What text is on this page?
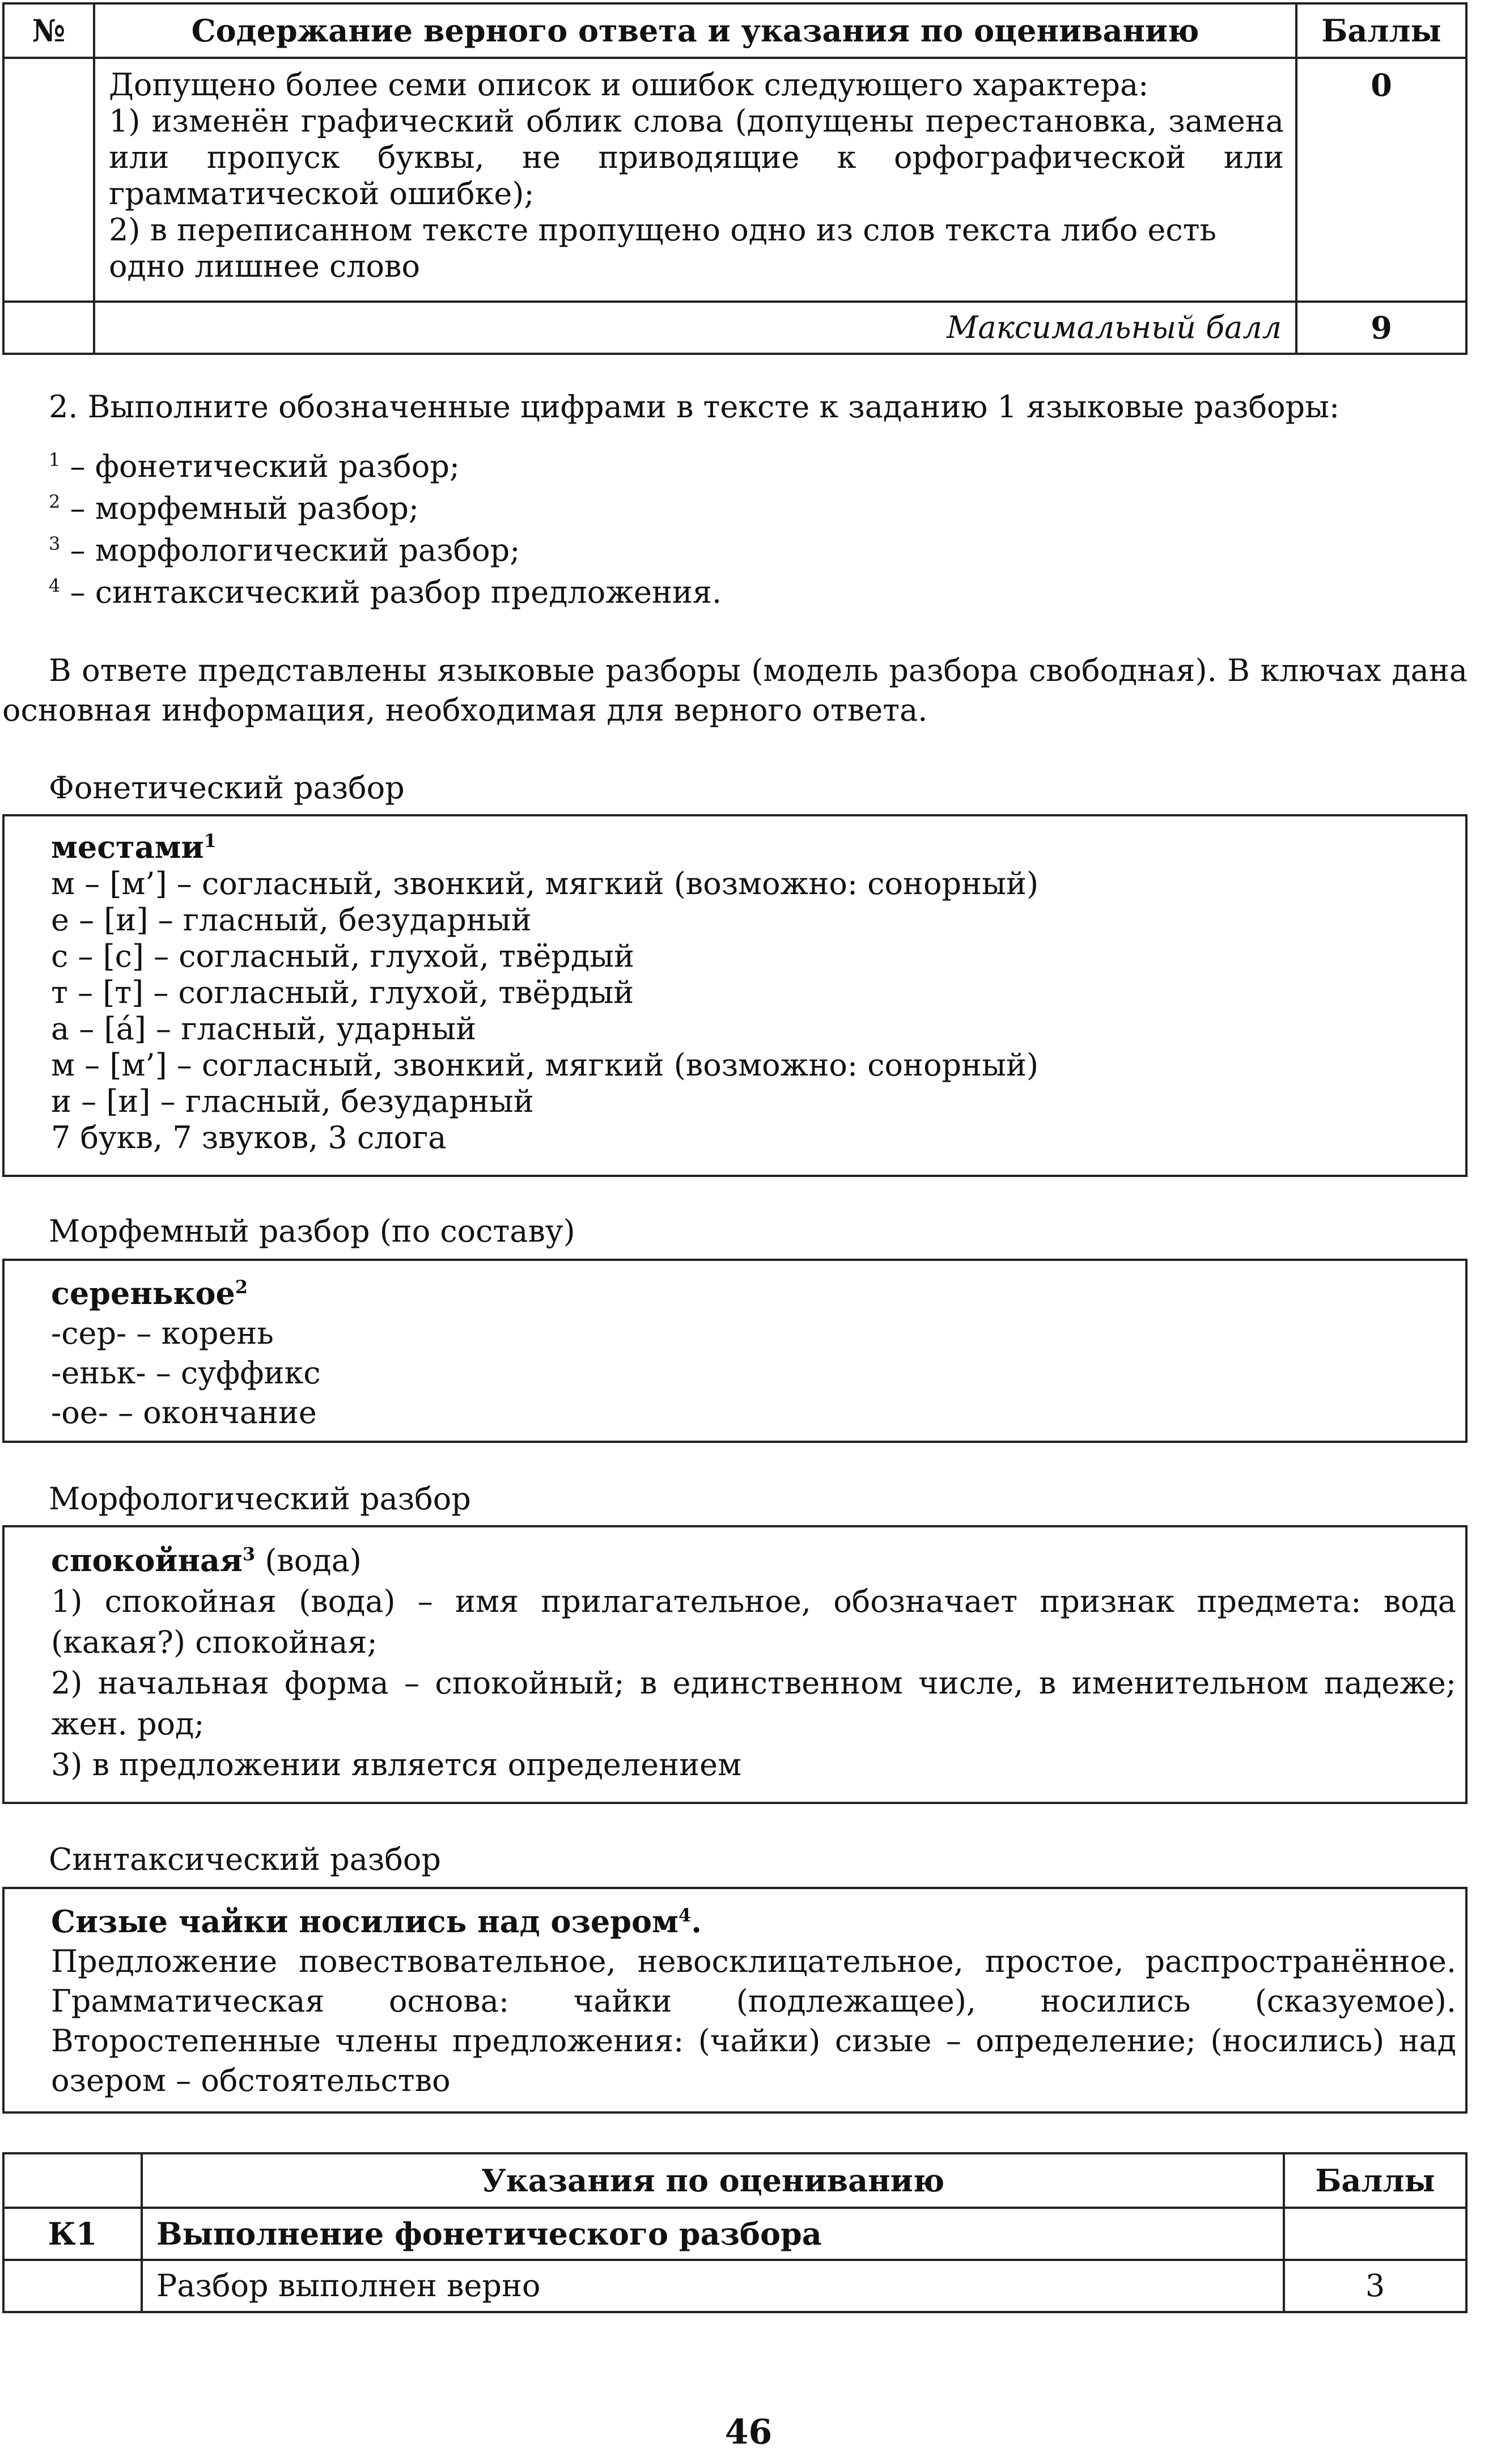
№	Содержание верного ответа и указания по оцениванию	Баллы

	Допущено более семи описок и ошибок следующего характера:
1) изменён графический облик слова (допущены перестановка, замена или пропуск буквы, не приводящие к орфографической или грамматической ошибке);
2) в переписанном тексте пропущено одно из слов текста либо есть одно лишнее слово	0

	Максимальный балл	9
2. Выполните обозначенные цифрами в тексте к заданию 1 языковые разборы:

$^1$ – фонетический разбор;

$^2$ – морфемный разбор;

$^3$ – морфологический разбор;

$^4$ – синтаксический разбор предложения.

В ответе представлены языковые разборы (модель разбора свободная). В ключах дана основная информация, необходимая для верного ответа.
Фонетический разбор
местами$^1$
м – [м’] – согласный, звонкий, мягкий (возможно: сонорный)
е – [и] – гласный, безударный
с – [с] – согласный, глухой, твёрдый
т – [т] – согласный, глухой, твёрдый
а – [а́] – гласный, ударный
м – [м’] – согласный, звонкий, мягкий (возможно: сонорный)
и – [и] – гласный, безударный
7 букв, 7 звуков, 3 слога
Морфемный разбор (по составу)
серенькое$^2$
-сер- – корень
-еньк- – суффикс
-ое- – окончание
Морфологический разбор
спокойная$^3$ (вода)
1) спокойная (вода) – имя прилагательное, обозначает признак предмета: вода (какая?) спокойная;
2) начальная форма – спокойный; в единственном числе, в именительном падеже; жен. род;
3) в предложении является определением
Синтаксический разбор
Сизые чайки носились над озером$^4$.
Предложение повествовательное, невосклицательное, простое, распространённое. Грамматическая основа: чайки (подлежащее), носились (сказуемое). Второстепенные члены предложения: (чайки) сизые – определение; (носились) над озером – обстоятельство
	Указания по оцениванию	Баллы

К1	Выполнение фонетического разбора	

	Разбор выполнен верно	3
46
